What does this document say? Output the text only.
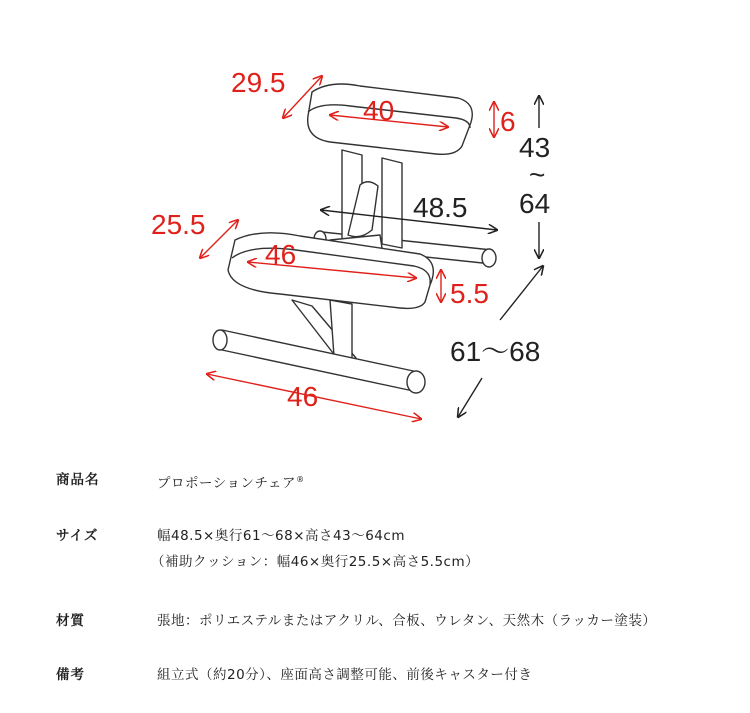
29.5
40	6
43
~
64
48.5
25.5
46
5.5
61〜68
46
商品名	プロポーションチェア®
サイズ	幅48.5×奥行61〜68×高さ43〜64cm
（補助クッション：幅46×奥行25.5×高さ5.5cm）
材質	張地：ポリエステルまたはアクリル、合板、ウレタン、天然木（ラッカー塗装）
備考	組立式（約20分）、座面高さ調整可能、前後キャスター付き
